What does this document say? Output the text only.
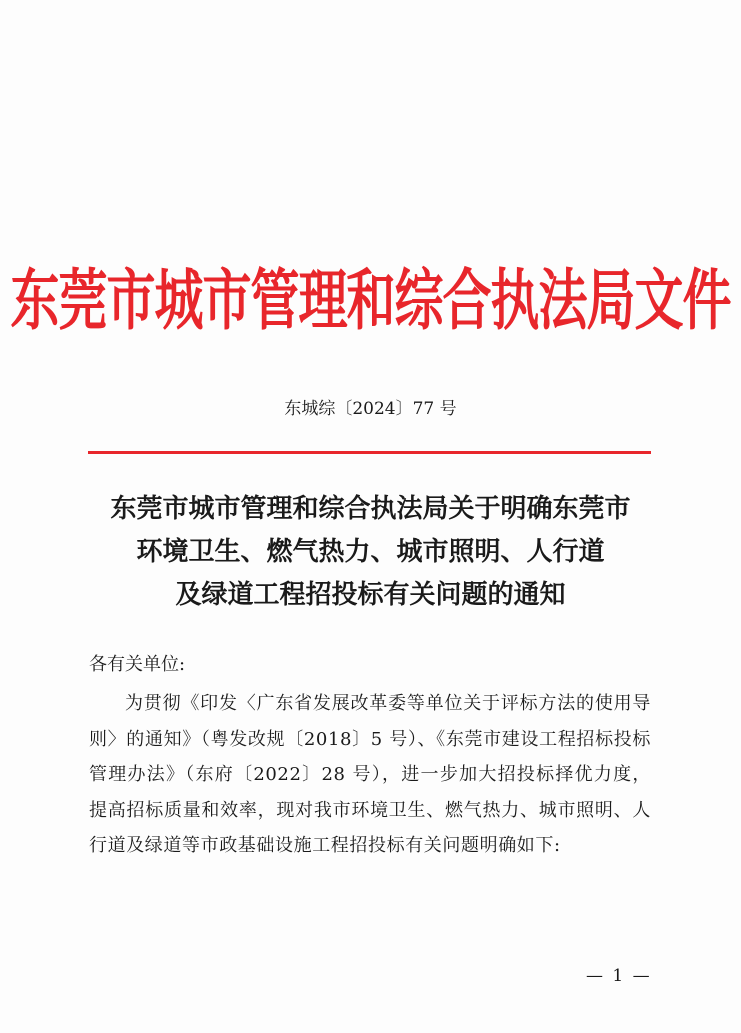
东莞市城市管理和综合执法局文件
东城综〔2024〕77 号
东莞市城市管理和综合执法局关于明确东莞市
环境卫生、燃气热力、城市照明、人行道
及绿道工程招投标有关问题的通知
各有关单位:
为贯彻《印发〈广东省发展改革委等单位关于评标方法的使用导则〉的通知》（粤发改规〔2018〕5 号）、《东莞市建设工程招标投标管理办法》（东府〔2022〕28 号），进一步加大招投标择优力度，提高招标质量和效率，现对我市环境卫生、燃气热力、城市照明、人行道及绿道等市政基础设施工程招投标有关问题明确如下:
— 1 —
